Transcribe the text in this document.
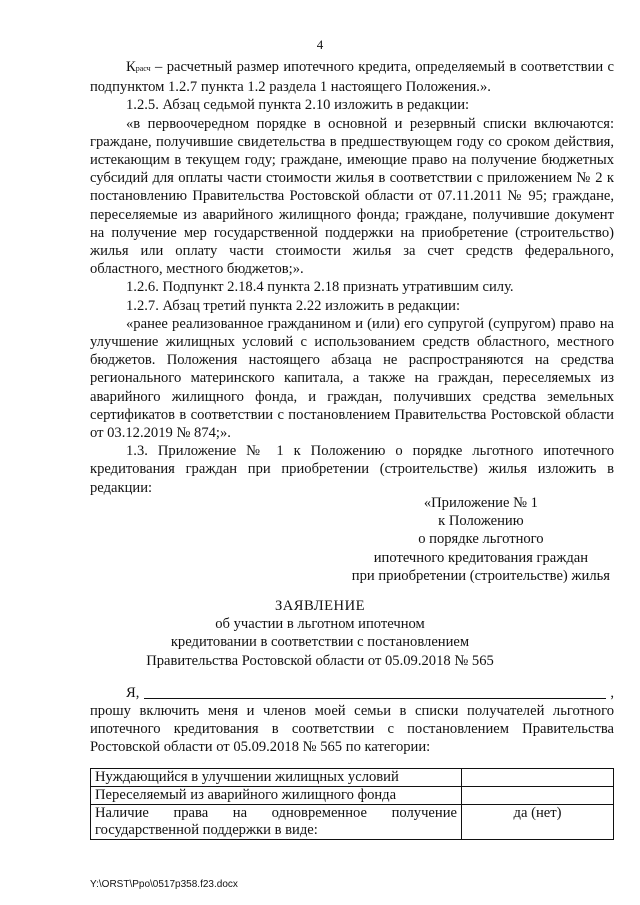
4

Красч – расчетный размер ипотечного кредита, определяемый в соответствии с подпунктом 1.2.7 пункта 1.2 раздела 1 настоящего Положения.».

1.2.5. Абзац седьмой пункта 2.10 изложить в редакции:

«в первоочередном порядке в основной и резервный списки включаются: граждане, получившие свидетельства в предшествующем году со сроком действия, истекающим в текущем году; граждане, имеющие право на получение бюджетных субсидий для оплаты части стоимости жилья в соответствии с приложением № 2 к постановлению Правительства Ростовской области от 07.11.2011 № 95; граждане, переселяемые из аварийного жилищного фонда; граждане, получившие документ на получение мер государственной поддержки на приобретение (строительство) жилья или оплату части стоимости жилья за счет средств федерального, областного, местного бюджетов;».

1.2.6. Подпункт 2.18.4 пункта 2.18 признать утратившим силу.

1.2.7. Абзац третий пункта 2.22 изложить в редакции:

«ранее реализованное гражданином и (или) его супругой (супругом) право на улучшение жилищных условий с использованием средств областного, местного бюджетов. Положения настоящего абзаца не распространяются на средства регионального материнского капитала, а также на граждан, переселяемых из аварийного жилищного фонда, и граждан, получивших средства земельных сертификатов в соответствии с постановлением Правительства Ростовской области от 03.12.2019 № 874;».

1.3. Приложение № 1 к Положению о порядке льготного ипотечного кредитования граждан при приобретении (строительстве) жилья изложить в редакции:

«Приложение № 1
к Положению
о порядке льготного
ипотечного кредитования граждан
при приобретении (строительстве) жилья
ЗАЯВЛЕНИЕ
об участии в льготном ипотечном
кредитовании в соответствии с постановлением
Правительства Ростовской области от 05.09.2018 № 565
Я,	,

прошу включить меня и членов моей семьи в списки получателей льготного ипотечного кредитования в соответствии с постановлением Правительства Ростовской области от 05.09.2018 № 565 по категории:

Нуждающийся в улучшении жилищных условий	
Переселяемый из аварийного жилищного фонда	
Наличие права на одновременное получение государственной поддержки в виде:	да (нет)
Y:\ORST\Ppo\0517p358.f23.docx
